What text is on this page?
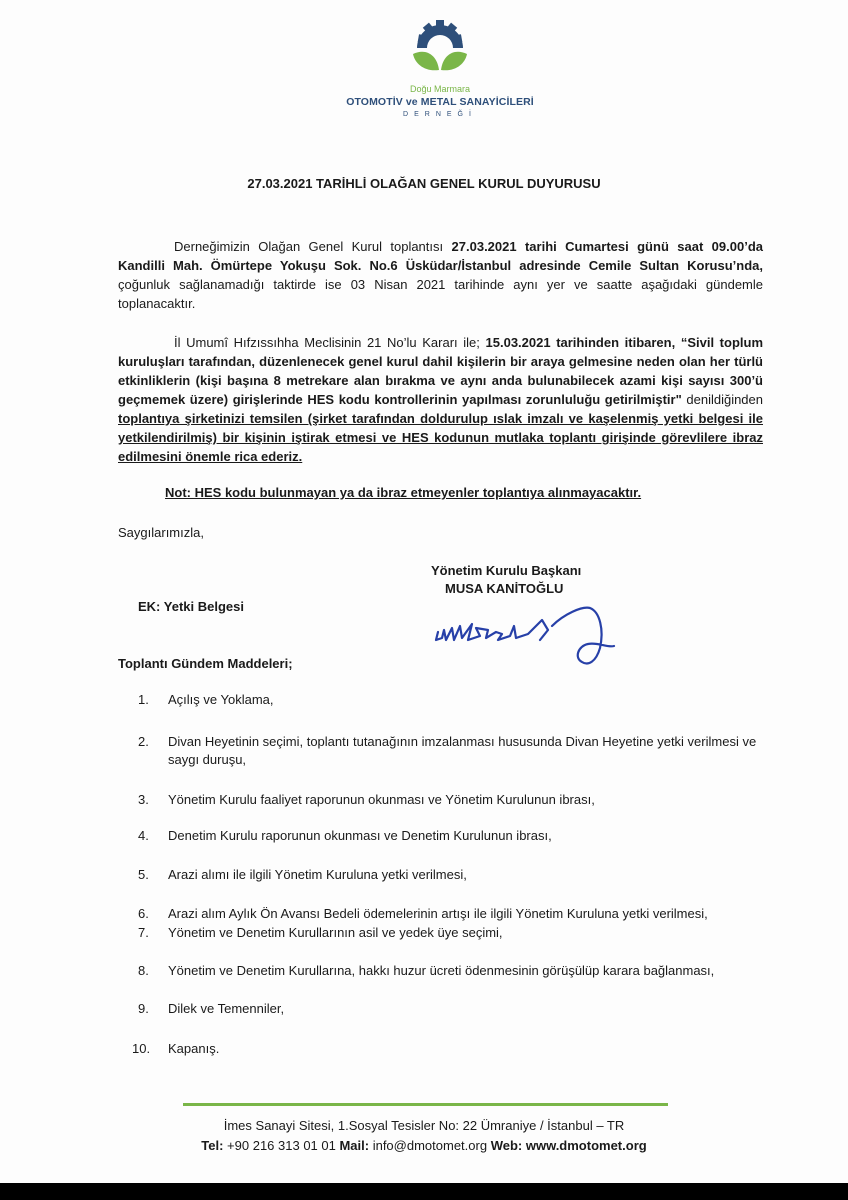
Doğu Marmara
OTOMOTİV ve METAL SANAYİCİLERİ
DERNEĞİ
27.03.2021 TARİHLİ OLAĞAN GENEL KURUL DUYURUSU
Derneğimizin Olağan Genel Kurul toplantısı 27.03.2021 tarihi Cumartesi günü saat 09.00’da Kandilli Mah. Ömürtepe Yokuşu Sok. No.6 Üsküdar/İstanbul adresinde Cemile Sultan Korusu’nda, çoğunluk sağlanamadığı taktirde ise 03 Nisan 2021 tarihinde aynı yer ve saatte aşağıdaki gündemle toplanacaktır.
İl Umumî Hıfzıssıhha Meclisinin 21 No’lu Kararı ile; 15.03.2021 tarihinden itibaren, “Sivil toplum kuruluşları tarafından, düzenlenecek genel kurul dahil kişilerin bir araya gelmesine neden olan her türlü etkinliklerin (kişi başına 8 metrekare alan bırakma ve aynı anda bulunabilecek azami kişi sayısı 300’ü geçmemek üzere) girişlerinde HES kodu kontrollerinin yapılması zorunluluğu getirilmiştir" denildiğinden toplantıya şirketinizi temsilen (şirket tarafından doldurulup ıslak imzalı ve kaşelenmiş yetki belgesi ile yetkilendirilmiş) bir kişinin iştirak etmesi ve HES kodunun mutlaka toplantı girişinde görevlilere ibraz edilmesini önemle rica ederiz.
Not: HES kodu bulunmayan ya da ibraz etmeyenler toplantıya alınmayacaktır.
Saygılarımızla,
Yönetim Kurulu Başkanı
MUSA KANİTOĞLU
EK: Yetki Belgesi
Toplantı Gündem Maddeleri;
1.	Açılış ve Yoklama,
2.	Divan Heyetinin seçimi, toplantı tutanağının imzalanması hususunda Divan Heyetine yetki verilmesi ve saygı duruşu,
3.	Yönetim Kurulu faaliyet raporunun okunması ve Yönetim Kurulunun ibrası,
4.	Denetim Kurulu raporunun okunması ve Denetim Kurulunun ibrası,
5.	Arazi alımı ile ilgili Yönetim Kuruluna yetki verilmesi,
6.	Arazi alım Aylık Ön Avansı Bedeli ödemelerinin artışı ile ilgili Yönetim Kuruluna yetki verilmesi,
7.	Yönetim ve Denetim Kurullarının asil ve yedek üye seçimi,
8.	Yönetim ve Denetim Kurullarına, hakkı huzur ücreti ödenmesinin görüşülüp karara bağlanması,
9.	Dilek ve Temenniler,
10.	Kapanış.
İmes Sanayi Sitesi, 1.Sosyal Tesisler No: 22 Ümraniye / İstanbul – TR
Tel: +90 216 313 01 01 Mail: info@dmotomet.org Web: www.dmotomet.org
